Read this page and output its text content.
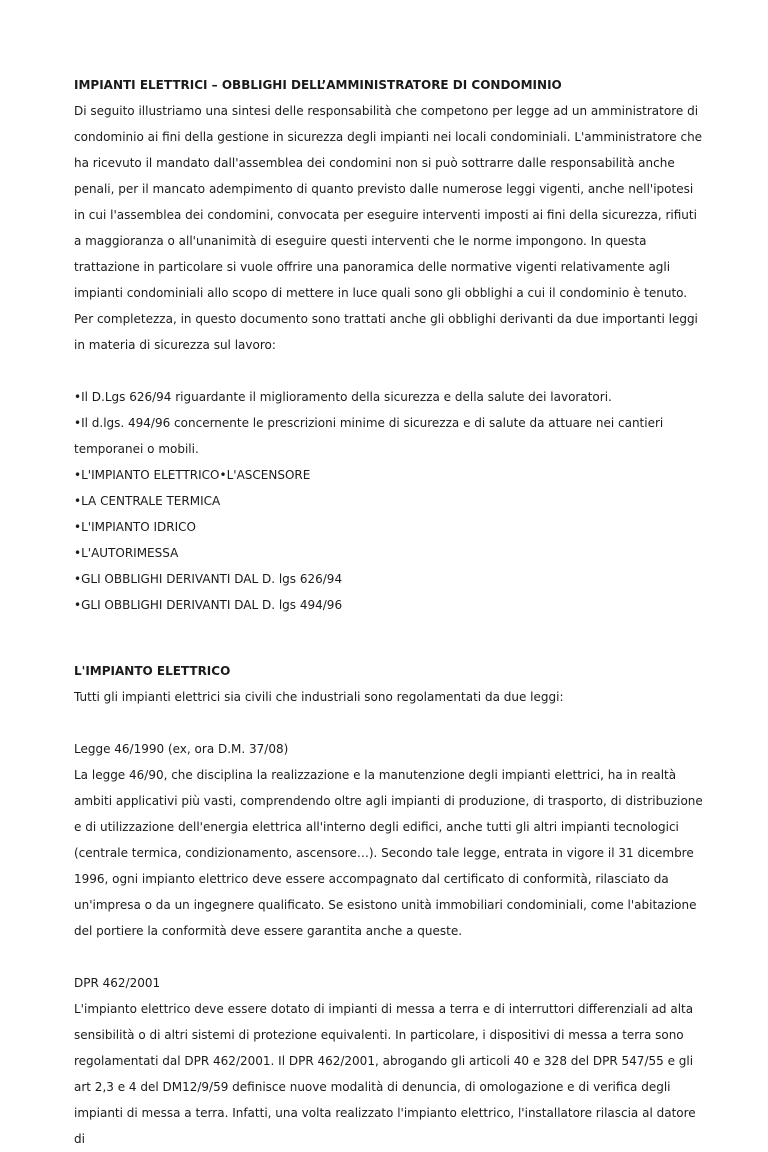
IMPIANTI ELETTRICI – OBBLIGHI DELL’AMMINISTRATORE DI CONDOMINIO

Di seguito illustriamo una sintesi delle responsabilità che competono per legge ad un amministratore di condominio ai fini della gestione in sicurezza degli impianti nei locali condominiali. L'amministratore che ha ricevuto il mandato dall'assemblea dei condomini non si può sottrarre dalle responsabilità anche penali, per il mancato adempimento di quanto previsto dalle numerose leggi vigenti, anche nell'ipotesi in cui l'assemblea dei condomini, convocata per eseguire interventi imposti ai fini della sicurezza, rifiuti a maggioranza o all'unanimità di eseguire questi interventi che le norme impongono. In questa trattazione in particolare si vuole offrire una panoramica delle normative vigenti relativamente agli impianti condominiali allo scopo di mettere in luce quali sono gli obblighi a cui il condominio è tenuto. Per completezza, in questo documento sono trattati anche gli obblighi derivanti da due importanti leggi in materia di sicurezza sul lavoro:

•Il D.Lgs 626/94 riguardante il miglioramento della sicurezza e della salute dei lavoratori.
•Il d.lgs. 494/96 concernente le prescrizioni minime di sicurezza e di salute da attuare nei cantieri temporanei o mobili.
•L'IMPIANTO ELETTRICO•L'ASCENSORE
•LA CENTRALE TERMICA
•L'IMPIANTO IDRICO
•L'AUTORIMESSA
•GLI OBBLIGHI DERIVANTI DAL D. lgs 626/94
•GLI OBBLIGHI DERIVANTI DAL D. lgs 494/96
L'IMPIANTO ELETTRICO

Tutti gli impianti elettrici sia civili che industriali sono regolamentati da due leggi:

Legge 46/1990 (ex, ora D.M. 37/08)

La legge 46/90, che disciplina la realizzazione e la manutenzione degli impianti elettrici, ha in realtà ambiti applicativi più vasti, comprendendo oltre agli impianti di produzione, di trasporto, di distribuzione e di utilizzazione dell'energia elettrica all'interno degli edifici, anche tutti gli altri impianti tecnologici (centrale termica, condizionamento, ascensore…). Secondo tale legge, entrata in vigore il 31 dicembre 1996, ogni impianto elettrico deve essere accompagnato dal certificato di conformità, rilasciato da un'impresa o da un ingegnere qualificato. Se esistono unità immobiliari condominiali, come l'abitazione del portiere la conformità deve essere garantita anche a queste.

DPR 462/2001

L'impianto elettrico deve essere dotato di impianti di messa a terra e di interruttori differenziali ad alta sensibilità o di altri sistemi di protezione equivalenti. In particolare, i dispositivi di messa a terra sono regolamentati dal DPR 462/2001. Il DPR 462/2001, abrogando gli articoli 40 e 328 del DPR 547/55 e gli art 2,3 e 4 del DM12/9/59 definisce nuove modalità di denuncia, di omologazione e di verifica degli impianti di messa a terra. Infatti, una volta realizzato l'impianto elettrico, l'installatore rilascia al datore di
